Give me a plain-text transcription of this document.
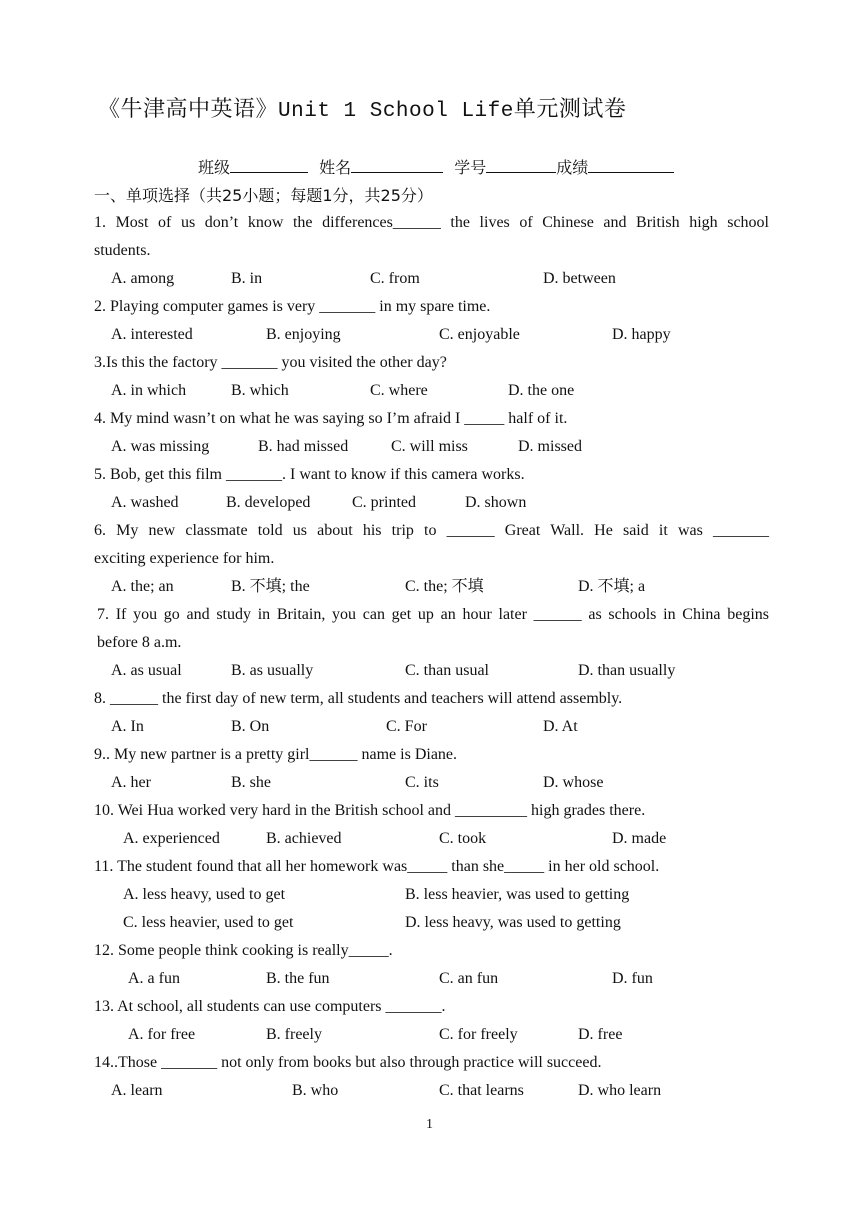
《牛津高中英语》Unit 1 School Life单元测试卷
班级	姓名	学号	成绩
一、单项选择（共25小题；每题1分，共25分）
1. Most of us don’t know the differences______ the lives of Chinese and British high school
students.
A. among	B. in	C. from	D. between
2. Playing computer games is very _______ in my spare time.
A. interested	B. enjoying	C. enjoyable	D. happy
3.Is this the factory _______ you visited the other day?
A. in which	B. which	C. where	D. the one
4. My mind wasn’t on what he was saying so I’m afraid I _____ half of it.
A. was missing	B. had missed	C. will miss	D. missed
5. Bob, get this film _______. I want to know if this camera works.
A. washed	B. developed	C. printed	D. shown
6. My new classmate told us about his trip to ______ Great Wall. He said it was _______
exciting experience for him.
A. the; an	B. 不填; the	C. the; 不填	D. 不填; a
7. If you go and study in Britain, you can get up an hour later ______ as schools in China begins
before 8 a.m.
A. as usual	B. as usually	C. than usual	D. than usually
8. ______ the first day of new term, all students and teachers will attend assembly.
A. In	B. On	C. For	D. At
9.. My new partner is a pretty girl______ name is Diane.
A. her	B. she	C. its	D. whose
10. Wei Hua worked very hard in the British school and _________ high grades there.
A. experienced	B. achieved	C. took	D. made
11. The student found that all her homework was_____ than she_____ in her old school.
A. less heavy, used to get	B. less heavier, was used to getting
C. less heavier, used to get	D. less heavy, was used to getting
12. Some people think cooking is really_____.
A. a fun	B. the fun	C. an fun	D. fun
13. At school, all students can use computers _______.
A. for free	B. freely	C. for freely	D. free
14..Those _______ not only from books but also through practice will succeed.
A. learn	B. who	C. that learns	D. who learn
1
